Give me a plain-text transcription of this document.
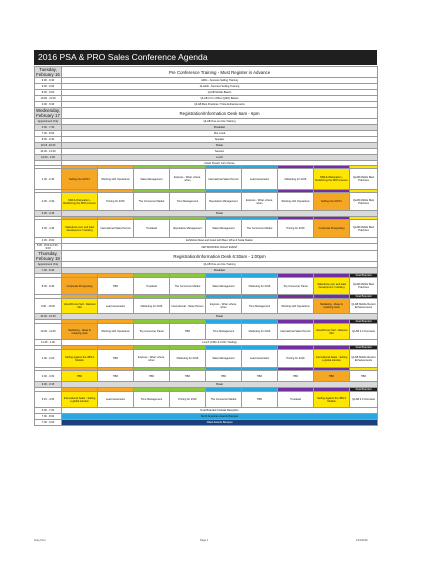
2016 PSA & PRO Sales Conference Agenda
Tuesday, February 16	Pre Conference Training - Must Register in Advance								
9:00 - 9:30	ARIG - Success Selling Training								
9:00 - 9:00	ALLIED - Success Selling Training								
8:30 - 9:00	QLAB Mobile Basics								
10:00 - 11:30	QLAB 2.0 in Office (QEO) Basics								
4:00 - 5:30	QLAB Best Practices 7 New Enhancements								
Wednesday, February 17	Registration/Information Desk 6am - 6pm								
Appointment Only	QLAB One-on-One Training								
6:30 - 7:30	Breakfast								
7:30 - 8:00	Mor Local								
8:00 - 9:30	Speaker								
10:15 -10:30	Break								
10:30 - 12:00	Session								
12:00 - 1:00	Lunch								
	David Powell, John Pierce								

1:30 - 2:30	Selling into GPO's	Working with Operations	Sales Management	Express - What, where, when	International Sales Person	Lead Generation	Marketing for 2016	SSRJH Relocation - Redefining the RFP process	QLAB Mobile Best Practices

2:30 - 3:30	SSRJH Relocation - Redefining the RFP process	Pricing for 2016	The Consumer Market	Time Management	Reputation Management	Express - What, where, when	Working with Operations	Selling into GPO's	QLAB Mobile Best Practices
3:30 - 3:45	Break								

3:45 - 4:45	Salesforce.com and lead development / tracking	International Sales Person	Trustlead	Reputation Management	Sales Management	The Consumer Market	Pricing for 2016	Corporate Prospecting	QLAB Mobile Best Practices
4:45 - 8:00	Exhibitors Meet and Greet with Beer, Wine & Soda Station								
5:30 - 8:00 & 6:30 - 9:00	NETWORKING NIGHT EVENT								
Thursday, February 18	Registration/Information Desk 6:30am - 1:00pm								
Appointment Only	QLAB One-on-One Training								
7:00 - 8:30	Breakfast								
									Dual Branded
8:30 - 9:30	Corporate Prospecting	TBD	Trustlead	The Consumer Market	Sales Management	Marketing for 2016	Top Consumer Panel	Salesforce.com and lead development / tracking	QLAB Mobile Best Practices
									Dual Branded
9:30 - 10:30	Upsell/Cross Sell - National OEI	Lead Generation	Marketing for 2016	International - Sales Person	Express - What, where, when	Time Management	Working with Operations	Marketing - Ideas & retaining tools	QLAB Mobile Recent Enhancements
10:30 - 10:45	Break								
									Dual Branded
10:45 - 11:45	Marketing - Ideas & retaining tools	Working with Operations	Top Consumer Panel	TBD	Time Management	Marketing for 2016	International Sales Person	Upsell/Cross Sell - National OEI	QLAB 2.0 Overview
11:45 - 1:00	Lunch (CMC & COIC Trading)								
									Dual Branded
1:00 - 2:00	Selling Against the 3B/13 Models	TBD	Express - What, where, when	Marketing for 2016	Sales Management	Lead Generation	Pricing for 2016	International Sales - Selling a global solution	QLAB Mobile Recent Enhancements

2:00 - 3:00	TBD	TBD	TBD	TBD	TBD	TBD	TBD	TBD	TBD
3:00 - 3:15	Break								
									Dual Branded
3:15 - 4:00	International Sales - Selling a global solution	Lead Generation	Time Management	Pricing for 2016	The Consumer Market	TBD	Trustlead	Selling Against the 3B/13 Models	QLAB 2.0 Overview
6:00 - 7:00	Dual Branded Cocktail Reception								
7:00 - 8:00	North American Awards Banquet								
7:00 - 9:00	Allied Awards Banquet								
Grey Font	Page 1	1/10/2016
